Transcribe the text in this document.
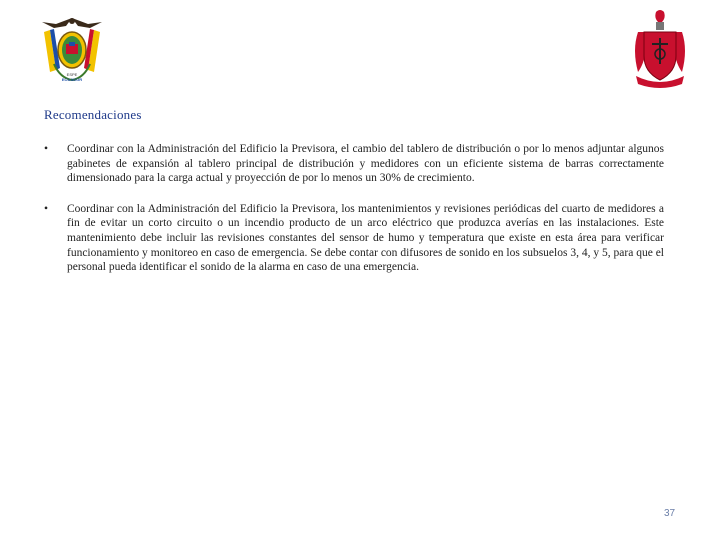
ESPE
ECUADOR
Recomendaciones
• Coordinar con la Administración del Edificio la Previsora, el cambio del tablero de distribución o por lo menos adjuntar algunos gabinetes de expansión al tablero principal de distribución y medidores con un eficiente sistema de barras correctamente dimensionado para la carga actual y proyección de por lo menos un 30% de crecimiento.
• Coordinar con la Administración del Edificio la Previsora, los mantenimientos y revisiones periódicas del cuarto de medidores a fin de evitar un corto circuito o un incendio producto de un arco eléctrico que produzca averías en las instalaciones. Este mantenimiento debe incluir las revisiones constantes del sensor de humo y temperatura que existe en esta área para verificar funcionamiento y monitoreo en caso de emergencia. Se debe contar con difusores de sonido en los subsuelos 3, 4, y 5, para que el personal pueda identificar el sonido de la alarma en caso de una emergencia.
37
